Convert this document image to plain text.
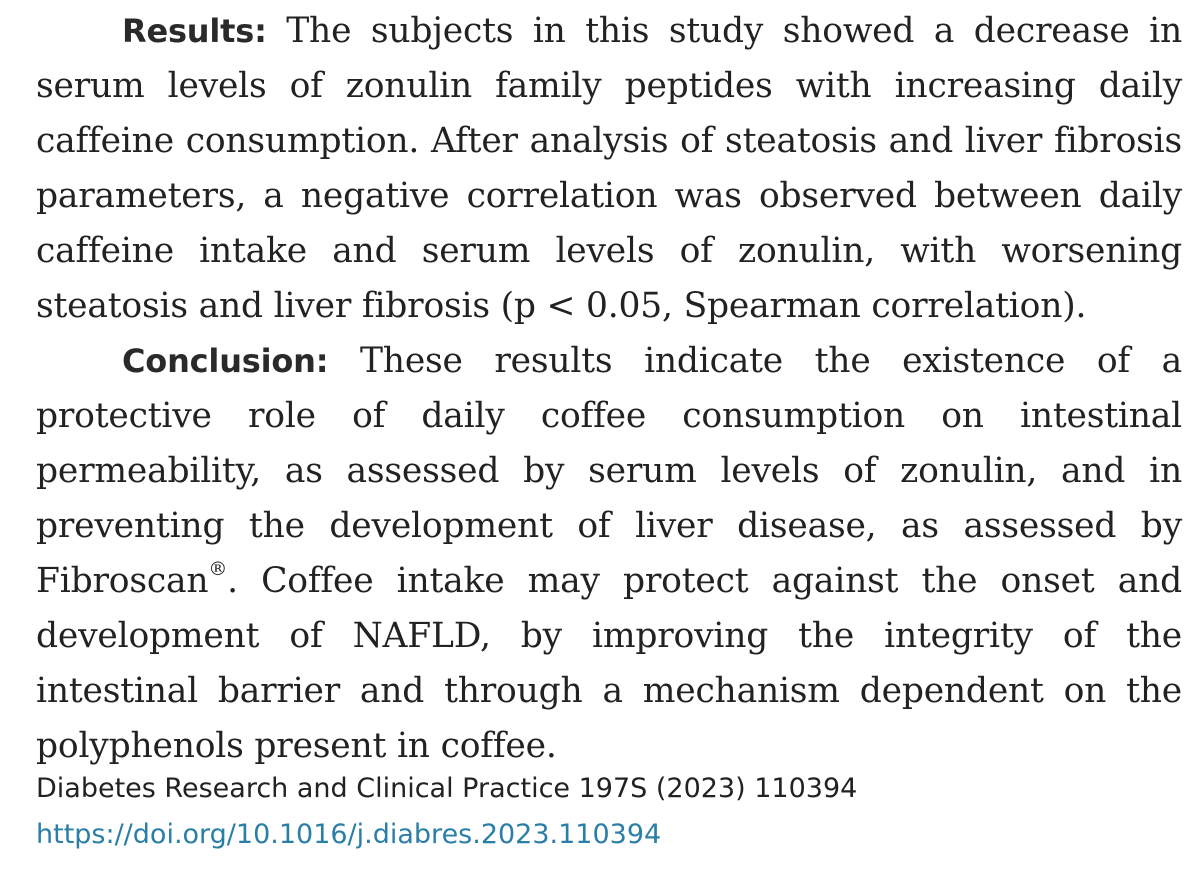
Results: The subjects in this study showed a decrease in serum levels of zonulin family peptides with increasing daily caffeine consumption. After analysis of steatosis and liver fibrosis parameters, a negative correlation was observed between daily caffeine intake and serum levels of zonulin, with worsening steatosis and liver fibrosis (p < 0.05, Spearman correlation).

Conclusion: These results indicate the existence of a protective role of daily coffee consumption on intestinal permeability, as assessed by serum levels of zonulin, and in preventing the development of liver disease, as assessed by Fibroscan®. Coffee intake may protect against the onset and development of NAFLD, by improving the integrity of the intestinal barrier and through a mechanism dependent on the polyphenols present in coffee.

Diabetes Research and Clinical Practice 197S (2023) 110394

https://doi.org/10.1016/j.diabres.2023.110394
